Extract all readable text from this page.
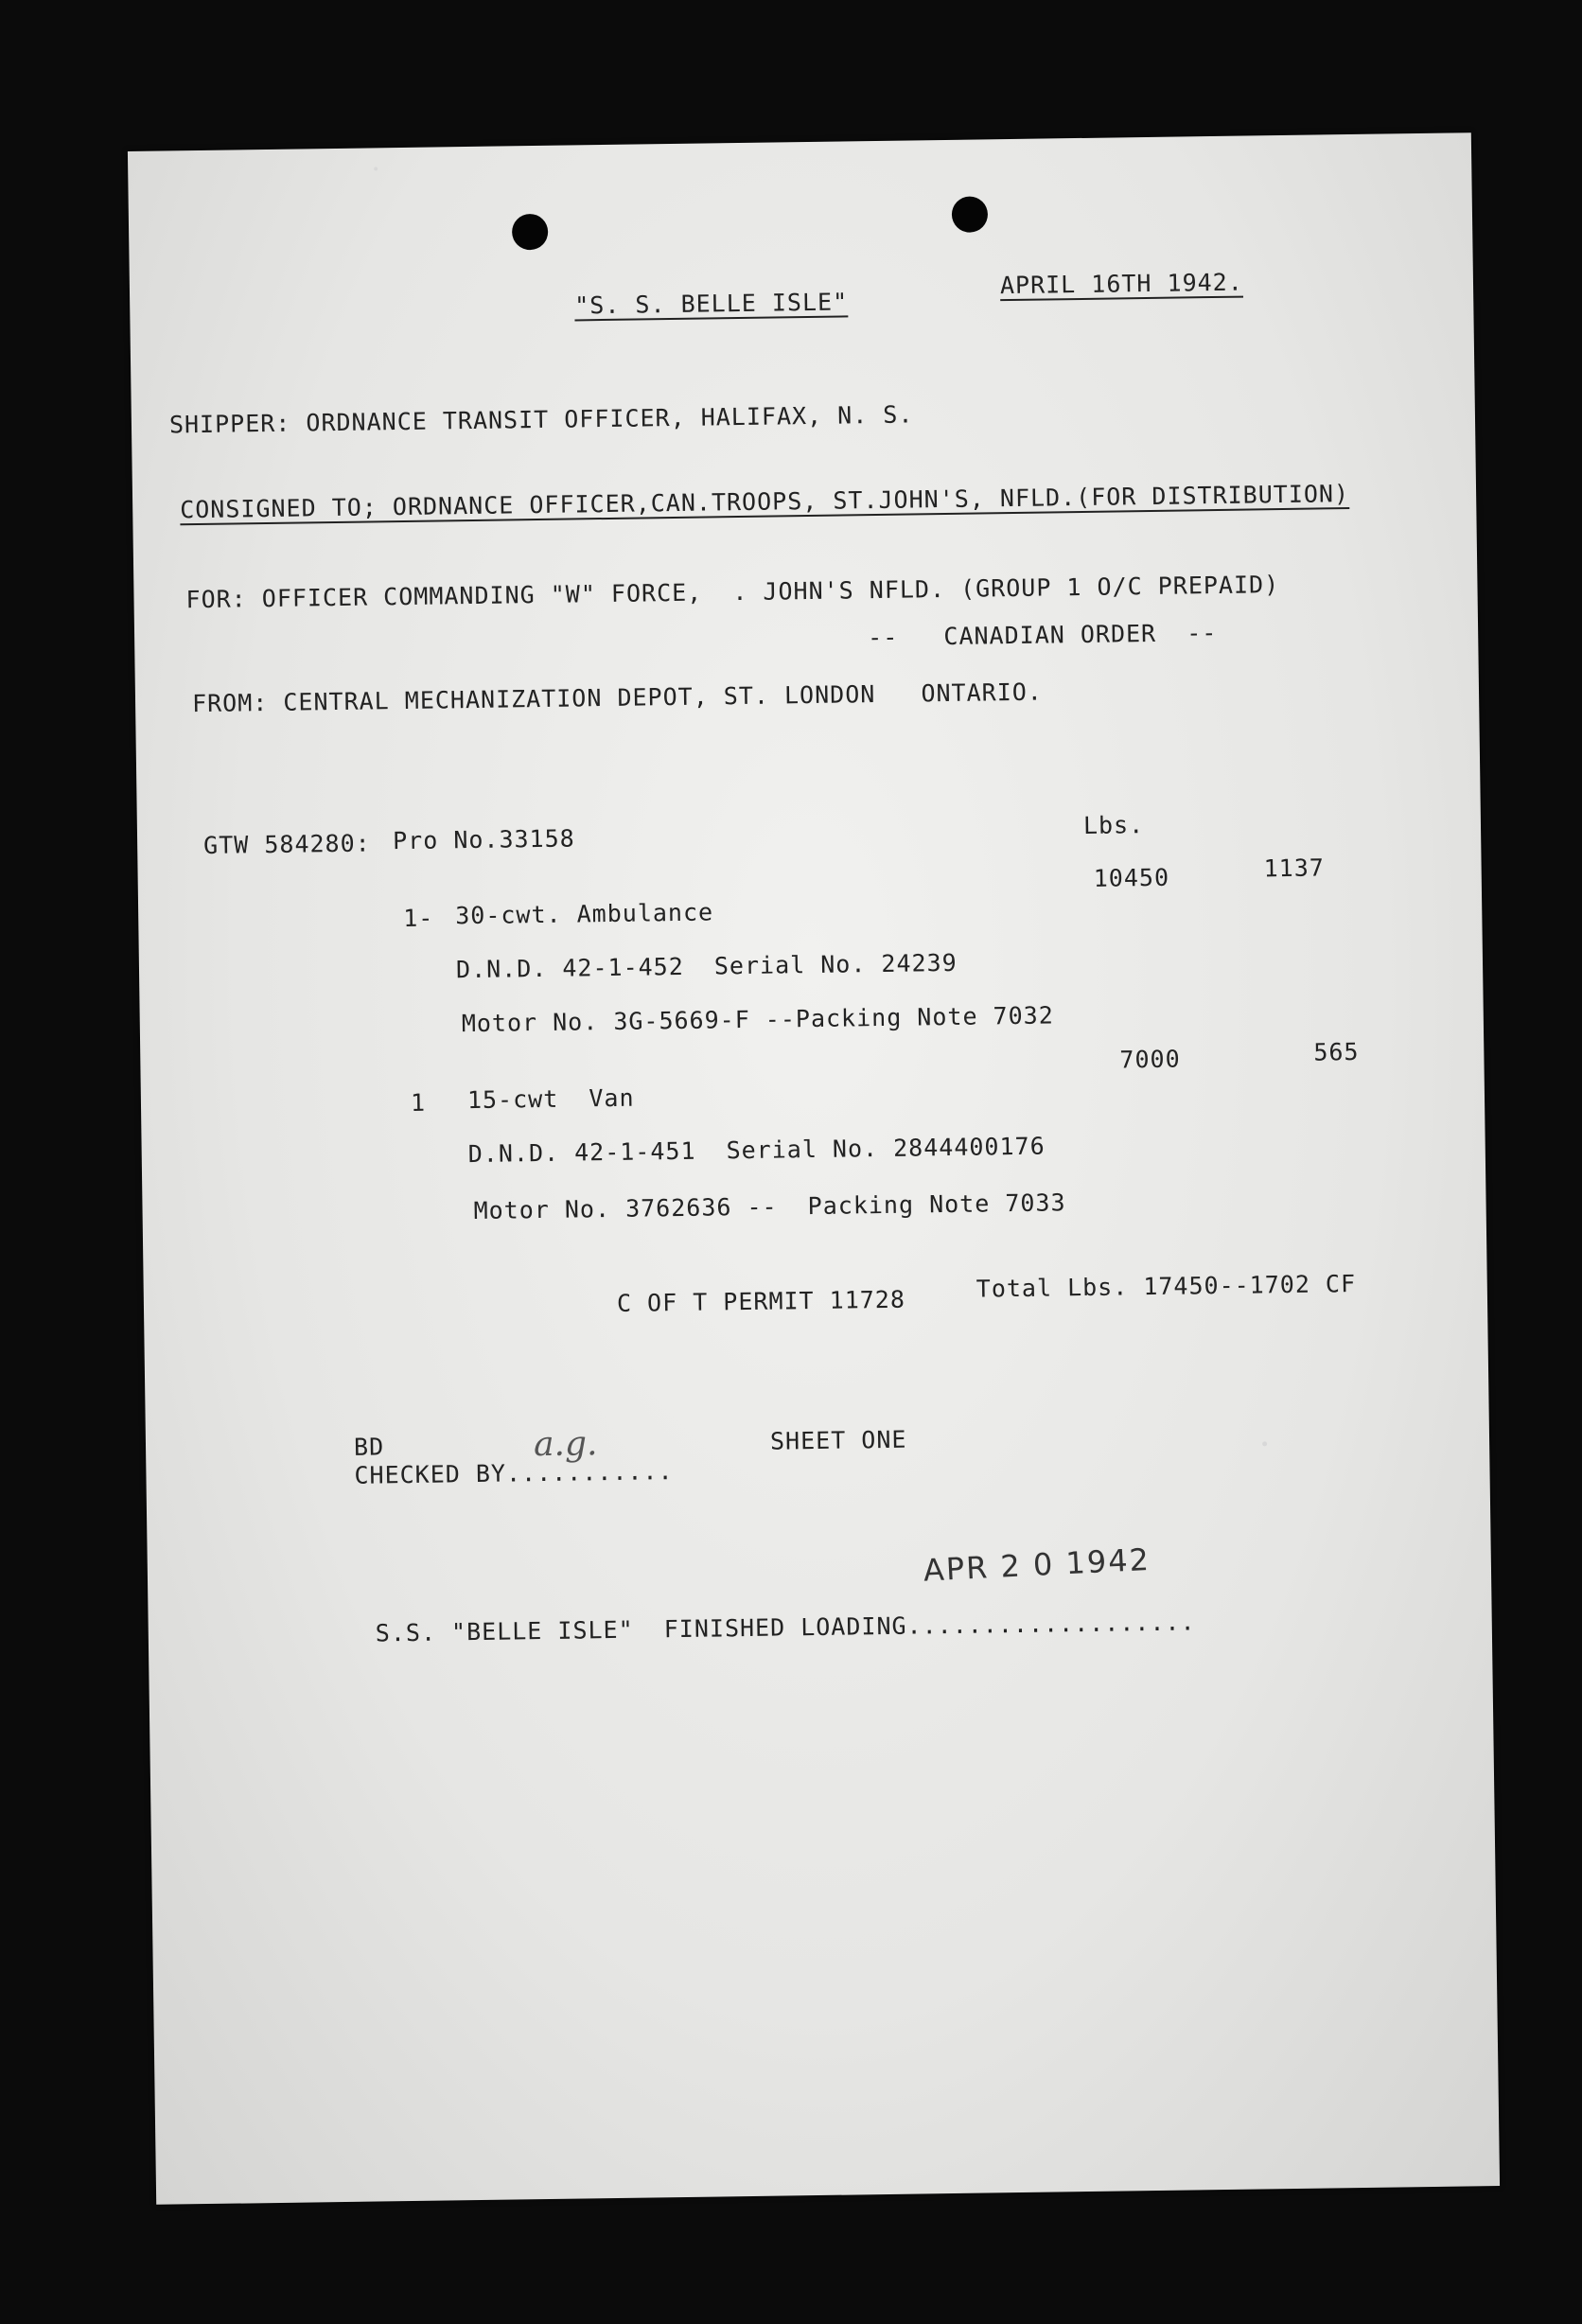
"S. S. BELLE ISLE"
APRIL 16TH 1942.
SHIPPER: ORDNANCE TRANSIT OFFICER, HALIFAX, N. S.
CONSIGNED TO; ORDNANCE OFFICER,CAN.TROOPS, ST.JOHN'S, NFLD.(FOR DISTRIBUTION)
FOR: OFFICER COMMANDING "W" FORCE,  . JOHN'S NFLD. (GROUP 1 O/C PREPAID)
--   CANADIAN ORDER  --
FROM: CENTRAL MECHANIZATION DEPOT, ST. LONDON   ONTARIO.
GTW 584280: Pro No.33158	Lbs.
1- 30-cwt. Ambulance
10450	1137
D.N.D. 42-1-452  Serial No. 24239
Motor No. 3G-5669-F --Packing Note 7032
1 15-cwt  Van
7000	565
D.N.D. 42-1-451  Serial No. 2844400176
Motor No. 3762636 --  Packing Note 7033
C OF T PERMIT 11728	Total Lbs. 17450--1702 CF
BD
CHECKED BY...........
a.g.	SHEET ONE
APR 2 0 1942
S.S. "BELLE ISLE"  FINISHED LOADING...................
